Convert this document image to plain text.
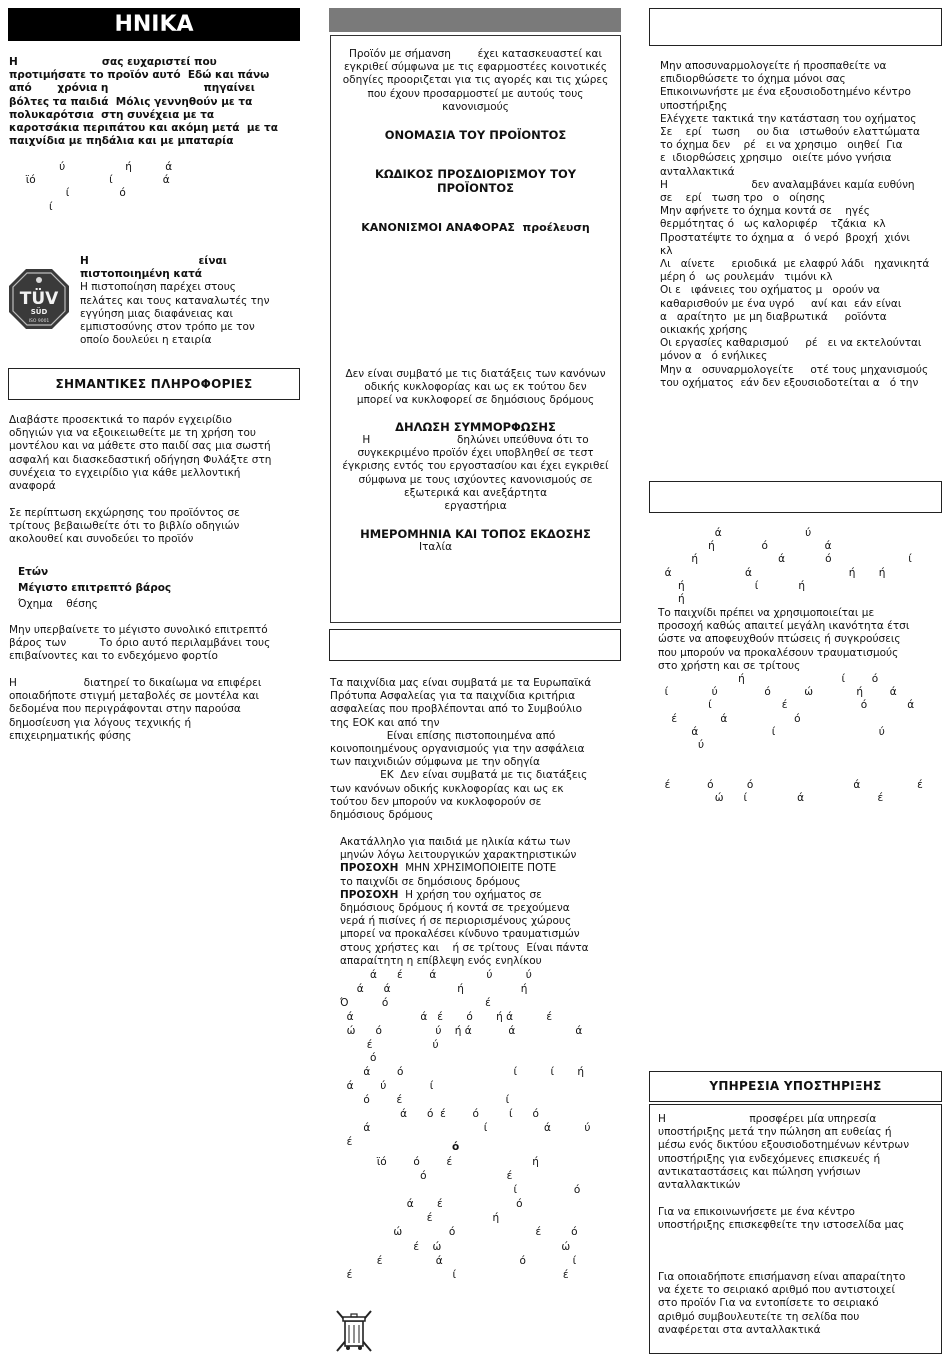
ΗΝΙΚΑ

Η                       σας ευχαριστεί που

προτιμήσατε το προϊόν αυτό  Εδώ και πάνω

από       χρόνια η                          πηγαίνει

βόλτες τα παιδιά  Μόλις γεννηθούν με τα

πολυκαρότσια  στη συνέχεια με τα

καροτσάκια περιπάτου και ακόμη μετά  με τα

παιχνίδια με πηδάλια και με μπαταρία

ύ                  ή          ά

ϊό                      ί               ά

ί               ό

ί

TÜV
SÜD
ISO 9001

Η                              είναι

πιστοποιημένη κατά

Η πιστοποίηση παρέχει στους

πελάτες και τους καταναλωτές την

εγγύηση μιας διαφάνειας και

εμπιστοσύνης στον τρόπο με τον

οποίο δουλεύει η εταιρία

ΣΗΜΑΝΤΙΚΕΣ ΠΛΗΡΟΦΟΡΙΕΣ

Διαβάστε προσεκτικά το παρόν εγχειρίδιο

οδηγιών για να εξοικειωθείτε με τη χρήση του

μοντέλου και να μάθετε στο παιδί σας μια σωστή

ασφαλή και διασκεδαστική οδήγηση Φυλάξτε στη

συνέχεια το εγχειρίδιο για κάθε μελλοντική

αναφορά

Σε περίπτωση εκχώρησης του προϊόντος σε

τρίτους βεβαιωθείτε ότι το βιβλίο οδηγιών

ακολουθεί και συνοδεύει το προϊόν

Ετών

Μέγιστο επιτρεπτό βάρος

Όχημα    θέσης

Μην υπερβαίνετε το μέγιστο συνολικό επιτρεπτό

βάρος των          Το όριο αυτό περιλαμβάνει τους

επιβαίνοντες και το ενδεχόμενο φορτίο

Η                    διατηρεί το δικαίωμα να επιφέρει

οποιαδήποτε στιγμή μεταβολές σε μοντέλα και

δεδομένα που περιγράφονται στην παρούσα

δημοσίευση για λόγους τεχνικής ή

επιχειρηματικής φύσης

Προϊόν με σήμανση        έχει κατασκευαστεί και

εγκριθεί σύμφωνα με τις εφαρμοστέες κοινοτικές

οδηγίες προοριζεται για τις αγορές και τις χώρες

που έχουν προσαρμοστεί με αυτούς τους

κανονισμούς

ΟΝΟΜΑΣΙΑ ΤΟΥ ΠΡΟΪΟΝΤΟΣ

ΚΩΔΙΚΟΣ ΠΡΟΣΔΙΟΡΙΣΜΟΥ ΤΟΥ

ΠΡΟΪΟΝΤΟΣ

ΚΑΝΟΝΙΣΜΟΙ ΑΝΑΦΟΡΑΣ  προέλευση

Δεν είναι συμβατό με τις διατάξεις των κανόνων

οδικής κυκλοφορίας και ως εκ τούτου δεν

μπορεί να κυκλοφορεί σε δημόσιους δρόμους

ΔΗΛΩΣΗ ΣΥΜΜΟΡΦΩΣΗΣ

Η                          δηλώνει υπεύθυνα ότι το

συγκεκριμένο προϊόν έχει υποβληθεί σε τεστ

έγκρισης εντός του εργοστασίου και έχει εγκριθεί

σύμφωνα με τους ισχύοντες κανονισμούς σε

εξωτερικά και ανεξάρτητα

εργαστήρια

ΗΜΕΡΟΜΗΝΙΑ ΚΑΙ ΤΟΠΟΣ ΕΚΔΟΣΗΣ
Ιταλία

Τα παιχνίδια μας είναι συμβατά με τα Ευρωπαϊκά

Πρότυπα Ασφαλείας για τα παιχνίδια κριτήρια

ασφαλείας που προβλέπονται από το Συμβούλιο

της ΕΟΚ και από την

Είναι επίσης πιστοποιημένα από

κοινοποιημένους οργανισμούς για την ασφάλεια

των παιχνιδιών σύμφωνα με την οδηγία

ΕΚ  Δεν είναι συμβατά με τις διατάξεις

των κανόνων οδικής κυκλοφορίας και ως εκ

τούτου δεν μπορούν να κυκλοφορούν σε

δημόσιους δρόμους

Ακατάλληλο για παιδιά με ηλικία κάτω των

μηνών λόγω λειτουργικών χαρακτηριστικών

ΠΡΟΣΟΧΗ  ΜΗΝ ΧΡΗΣΙΜΟΠΟΙΕΙΤΕ ΠΟΤΕ

το παιχνίδι σε δημόσιους δρόμους

ΠΡΟΣΟΧΗ  Η χρήση του οχήματος σε

δημόσιους δρόμους ή κοντά σε τρεχούμενα

νερά ή πισίνες ή σε περιορισμένους χώρους

μπορεί να προκαλέσει κίνδυνο τραυματισμών

στους χρήστες και    ή σε τρίτους  Είναι πάντα

απαραίτητη η επίβλεψη ενός ενηλίκου

ά      έ        ά               ύ          ύ

ά      ά                    ή                 ή

Ό          ό                             έ

ά                    ά   έ       ό       ή ά          έ

ώ      ό                ύ    ή ά           ά                  ά

έ                  ύ

ό

ά        ό                                 ί          ί       ή

ά        ύ             ί

ό        έ                               ί

ά      ό  έ        ό         ί      ό

ά                                  ί                 ά          ύ

έ	ό

ϊό        ό        έ                        ή

ό                        έ

ί                 ό

ά       έ                      ό

έ                  ή

ώ              ό                        έ         ό

έ    ώ                                    ώ

έ                ά                       ό              ί

έ                              ί                                έ

Μην αποσυναρμολογείτε ή προσπαθείτε να

επιδιορθώσετε το όχημα μόνοι σας

Επικοινωνήστε με ένα εξουσιοδοτημένο κέντρο

υποστήριξης

Ελέγχετε τακτικά την κατάσταση του οχήματος

Σε    ερί   τωση     ου δια   ιστωθούν ελαττώματα

το όχημα δεν    ρέ   ει να χρησιμο   οιηθεί  Για

ε  ιδιορθώσεις χρησιμο   οιείτε μόνο γνήσια

ανταλλακτικά

Η                         δεν αναλαμβάνει καμία ευθύνη

σε    ερί   τωση τρο   ο   οίησης

Μην αφήνετε το όχημα κοντά σε    ηγές

θερμότητας ό   ως καλοριφέρ    τζάκια  κλ

Προστατέψτε το όχημα α   ό νερό  βροχή  χιόνι

κλ

Λι   αίνετε     εριοδικά  με ελαφρύ λάδι   ηχανικητά

μέρη ό   ως ρουλεμάν   τιμόνι κλ

Οι ε   ιφάνειες του οχήματος μ   ορούν να

καθαρισθούν με ένα υγρό     ανί και  εάν είναι

α   αραίτητο  με μη διαβρωτικά     ροϊόντα

οικιακής χρήσης

Οι εργασίες καθαρισμού     ρέ   ει να εκτελούνται

μόνον α   ό ενήλικες

Μην α   οσυναρμολογείτε     οτέ τους μηχανισμούς

του οχήματος  εάν δεν εξουσιοδοτείται α   ό την

ά                         ύ

ή              ό                 ά

ή                        ά            ό                       ί

ά                      ά                             ή       ή

ή                     ί            ή

ή

Το παιχνίδι πρέπει να χρησιμοποιείται με

προσοχή καθώς απαιτεί μεγάλη ικανότητα έτσι

ώστε να αποφευχθούν πτώσεις ή συγκρούσεις

που μπορούν να προκαλέσουν τραυματισμούς

στο χρήστη και σε τρίτους

ή                             ί        ό

ί             ύ              ό          ώ             ή        ά

ί                     έ                      ό            ά

έ             ά                    ό

ά                      ί                               ύ

ύ

έ           ό          ό                              ά                 έ

ώ      ί               ά                      έ

ΥΠΗΡΕΣΙΑ ΥΠΟΣΤΗΡΙΞΗΣ

Η                         προσφέρει μία υπηρεσία

υποστήριξης μετά την πώληση απ ευθείας ή

μέσω ενός δικτύου εξουσιοδοτημένων κέντρων

υποστήριξης για ενδεχόμενες επισκευές ή

αντικαταστάσεις και πώληση γνήσιων

ανταλλακτικών

Για να επικοινωνήσετε με ένα κέντρο

υποστήριξης επισκεφθείτε την ιστοσελίδα μας

Για οποιαδήποτε επισήμανση είναι απαραίτητο

να έχετε το σειριακό αριθμό που αντιστοιχεί

στο προϊόν Για να εντοπίσετε το σειριακό

αριθμό συμβουλευτείτε τη σελίδα που

αναφέρεται στα ανταλλακτικά
